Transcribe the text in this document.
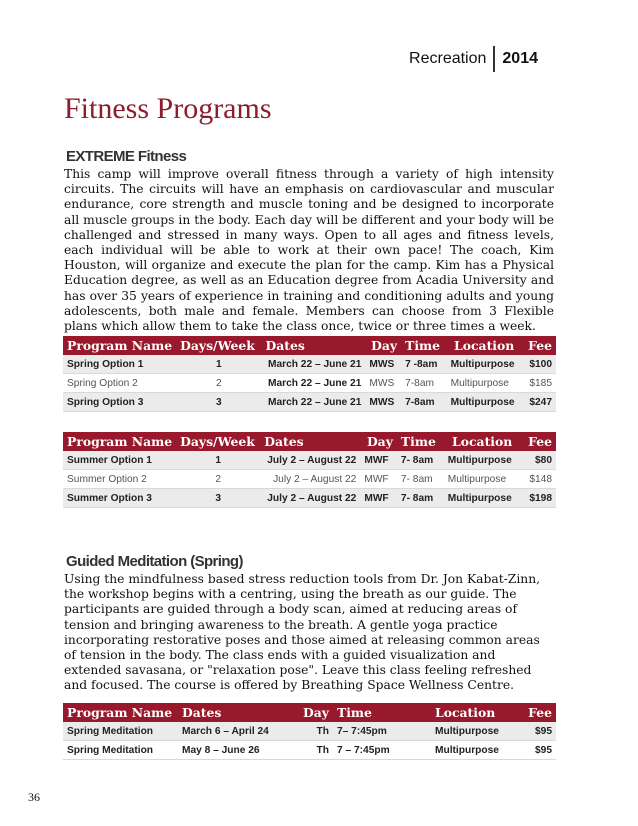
Recreation	2014
Fitness Programs
EXTREME Fitness

This camp will improve overall fitness through a variety of high intensity circuits. The circuits will have an emphasis on cardiovascular and muscular endurance, core strength and muscle toning and be designed to incorporate all muscle groups in the body. Each day will be different and your body will be challenged and stressed in many ways. Open to all ages and fitness levels, each individual will be able to work at their own pace! The coach, Kim Houston, will organize and execute the plan for the camp. Kim has a Physical Education degree, as well as an Education degree from Acadia University and has over 35 years of experience in training and conditioning adults and young adolescents, both male and female. Members can choose from 3 Flexible plans which allow them to take the class once, twice or three times a week.

Program Name	Days/Week	Dates	Day	Time	Location	Fee
Spring Option 1	1	March 22 – June 21	MWS	7 -8am	Multipurpose	$100
Spring Option 2	2	March 22 – June 21	MWS	7-8am	Multipurpose	$185
Spring Option 3	3	March 22 – June 21	MWS	7-8am	Multipurpose	$247
Program Name	Days/Week	Dates	Day	Time	Location	Fee
Summer Option 1	1	July 2 – August 22	MWF	7- 8am	Multipurpose	$80
Summer Option 2	2	July 2 – August 22	MWF	7- 8am	Multipurpose	$148
Summer Option 3	3	July 2 – August 22	MWF	7- 8am	Multipurpose	$198
Guided Meditation (Spring)

Using the mindfulness based stress reduction tools from Dr. Jon Kabat-Zinn, the workshop begins with a centring, using the breath as our guide. The participants are guided through a body scan, aimed at reducing areas of tension and bringing awareness to the breath. A gentle yoga practice incorporating restorative poses and those aimed at releasing common areas of tension in the body. The class ends with a guided visualization and extended savasana, or "relaxation pose". Leave this class feeling refreshed and focused. The course is offered by Breathing Space Wellness Centre.

Program Name	Dates	Day	Time	Location	Fee
Spring Meditation	March 6 – April 24	Th	7– 7:45pm	Multipurpose	$95
Spring Meditation	May 8 – June 26	Th	7 – 7:45pm	Multipurpose	$95
36
